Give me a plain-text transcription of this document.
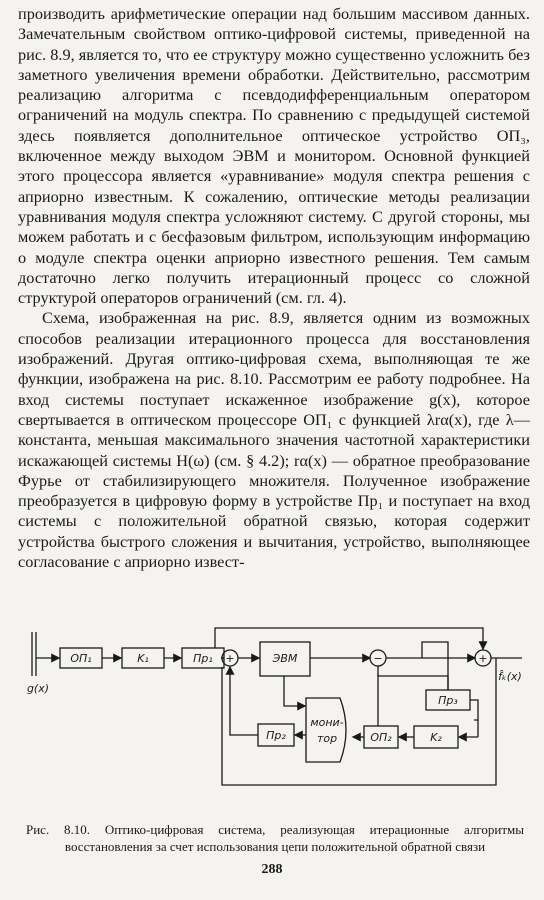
производить арифметические операции над большим массивом данных. Замечательным свойством оптико-цифровой системы, приведенной на рис. 8.9, является то, что ее структуру можно существенно усложнить без заметного увеличения времени обработки. Действительно, рассмотрим реализацию алгоритма с псевдодифференциальным оператором ограничений на модуль спектра. По сравнению с предыдущей системой здесь появляется дополнительное оптическое устройство ОП₃, включенное между выходом ЭВМ и монитором. Основной функцией этого процессора является «уравнивание» модуля спектра решения с априорно известным. К сожалению, оптические методы реализации уравнивания модуля спектра усложняют систему. С другой стороны, мы можем работать и с бесфазовым фильтром, использующим информацию о модуле спектра оценки априорно известного решения. Тем самым достаточно легко получить итерационный процесс со сложной структурой операторов ограничений (см. гл. 4).

Схема, изображенная на рис. 8.9, является одним из возможных способов реализации итерационного процесса для восстановления изображений. Другая оптико-цифровая схема, выполняющая те же функции, изображена на рис. 8.10. Рассмотрим ее работу подробнее. На вход системы поступает искаженное изображение g(x), которое свертывается в оптическом процессоре ОП₁ с функцией λrα(x), где λ—константа, меньшая максимального значения частотной характеристики искажающей системы H(ω) (см. § 4.2); rα(x) — обратное преобразование Фурье от стабилизирующего множителя. Полученное изображение преобразуется в цифровую форму в устройстве Пр₁ и поступает на вход системы с положительной обратной связью, которая содержит устройства быстрого сложения и вычитания, устройство, выполняющее согласование с априорно извест-

ОП₁	K₁	Пр₁	ЭВМ
Пр₃
Пр₂
мони-
тор	ОП₂	K₂
g(x)
f̂ₖ(x)
+	−	+
Рис. 8.10. Оптико-цифровая система, реализующая итерационные алгоритмы восстановления за счет использования цепи положительной обратной связи
288
